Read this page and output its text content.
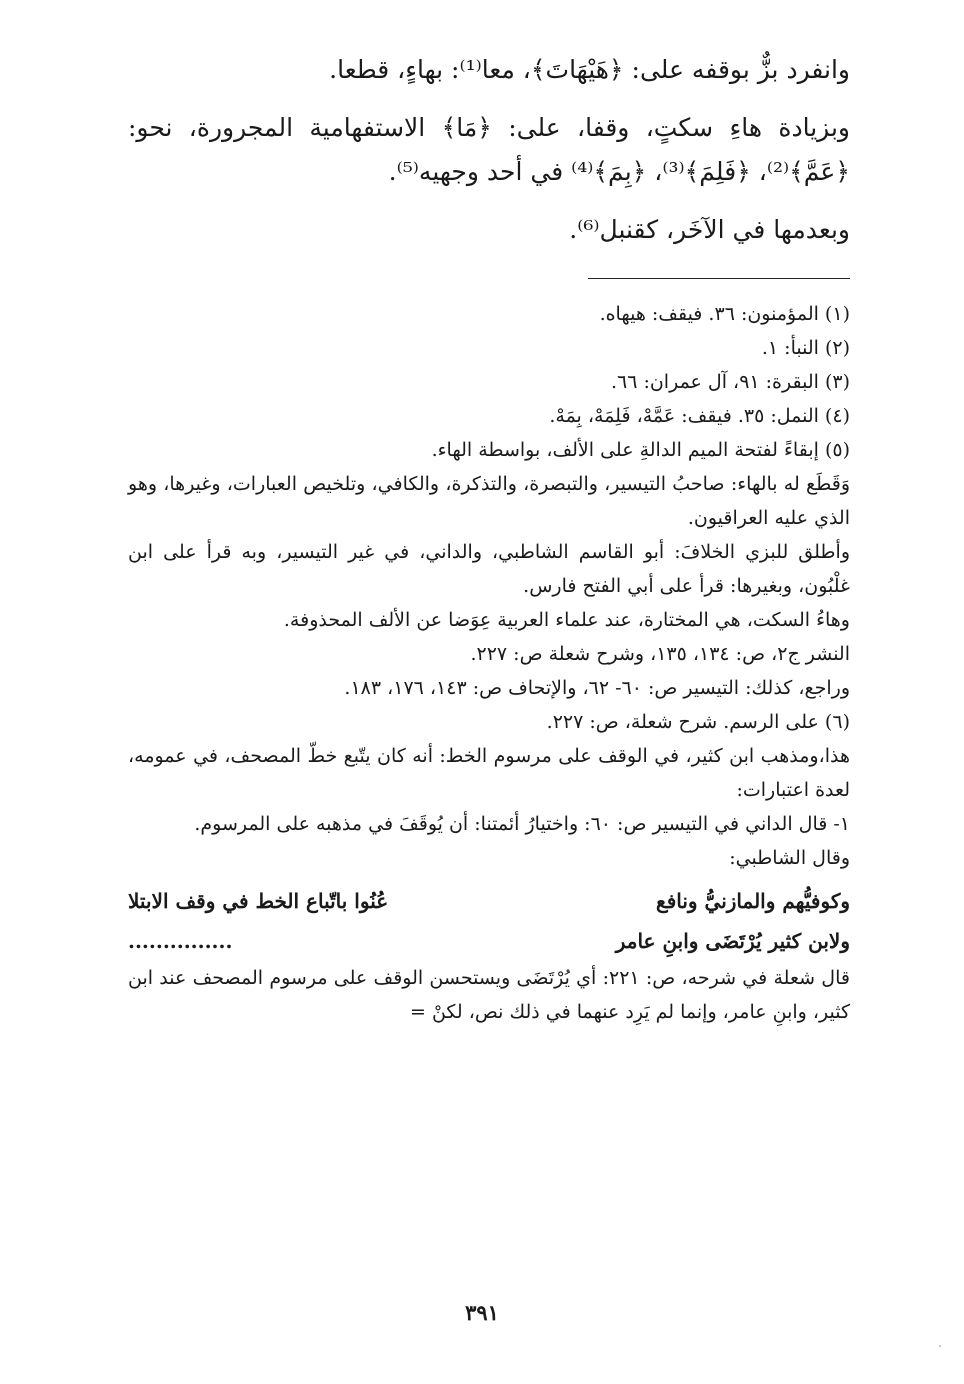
وانفرد بزٌّ بوقفه على: ﴿هَيْهَاتَ﴾، معا⁽¹⁾: بهاءٍ، قطعا.

وبزيادة هاءِ سكتٍ، وقفا، على: ﴿مَا﴾ الاستفهامية المجرورة، نحو: ﴿عَمَّ﴾⁽²⁾، ﴿فَلِمَ﴾⁽³⁾، ﴿بِمَ﴾⁽⁴⁾ في أحد وجهيه⁽⁵⁾.

وبعدمها في الآخَر، كقنبل⁽⁶⁾.

(١) المؤمنون: ٣٦. فيقف: هيهاه.

(٢) النبأ: ١.

(٣) البقرة: ٩١، آل عمران: ٦٦.

(٤) النمل: ٣٥. فيقف: عَمَّهْ، فَلِمَهْ، بِمَهْ.

(٥) إبقاءً لفتحة الميم الدالةِ على الألف، بواسطة الهاء.

وَقَطَع له بالهاء: صاحبُ التيسير، والتبصرة، والتذكرة، والكافي، وتلخيص العبارات، وغيرها، وهو الذي عليه العراقيون.

وأطلق للبزي الخلافَ: أبو القاسم الشاطبي، والداني، في غير التيسير، وبه قرأ على ابن غلْبُون، وبغيرها: قرأ على أبي الفتح فارس.

وهاءُ السكت، هي المختارة، عند علماء العربية عِوَضا عن الألف المحذوفة.

النشر ج٢، ص: ١٣٤، ١٣٥، وشرح شعلة ص: ٢٢٧.

وراجع، كذلك: التيسير ص: ٦٠- ٦٢، والإتحاف ص: ١٤٣، ١٧٦، ١٨٣.

(٦) على الرسم. شرح شعلة، ص: ٢٢٧.

هذا،ومذهب ابن كثير، في الوقف على مرسوم الخط: أنه كان يتّبع خطّ المصحف، في عمومه، لعدة اعتبارات:

١- قال الداني في التيسير ص: ٦٠: واختيارُ أئمتنا: أن يُوقَفَ في مذهبه على المرسوم.

وقال الشاطبي:

وكوفيُّهم والمازنيُّ ونافع
عُنُوا باتّباع الخط في وقف الابتلا
ولابن كثير يُرْتَضَى وابنِ عامر
...............

قال شعلة في شرحه، ص: ٢٢١: أي يُرْتَضَى ويستحسن الوقف على مرسوم المصحف عند ابن كثير، وابنِ عامر، وإنما لم يَرِد عنهما في ذلك نص، لكنْ =

٣٩١
.
